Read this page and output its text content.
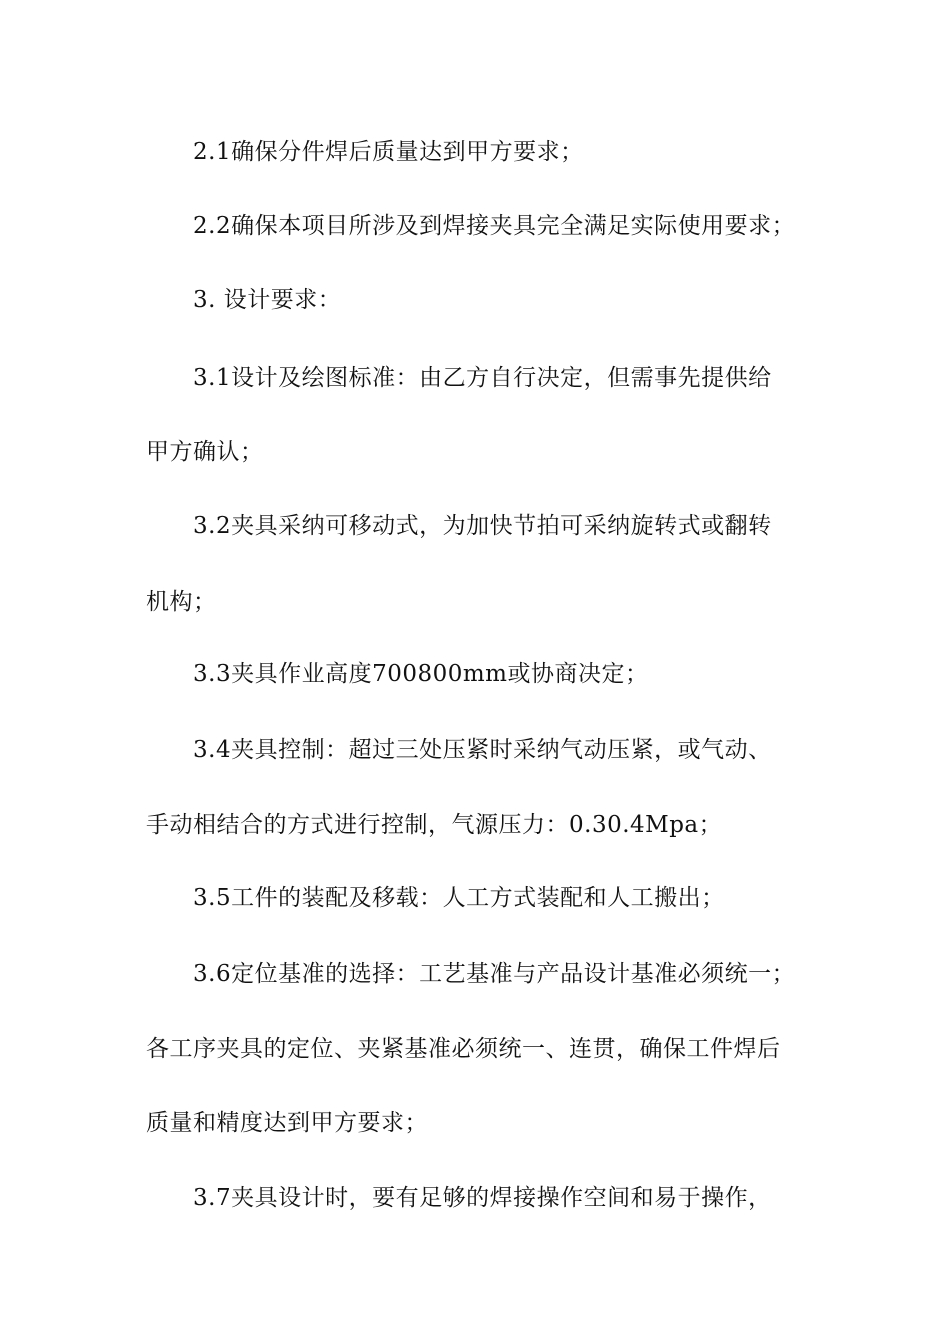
2.1确保分件焊后质量达到甲方要求；

2.2确保本项目所涉及到焊接夹具完全满足实际使用要求；

3. 设计要求：

3.1设计及绘图标准：由乙方自行决定，但需事先提供给

甲方确认；

3.2夹具采纳可移动式，为加快节拍可采纳旋转式或翻转

机构；

3.3夹具作业高度700800mm或协商决定；

3.4夹具控制：超过三处压紧时采纳气动压紧，或气动、

手动相结合的方式进行控制，气源压力：0.30.4Mpa；

3.5工件的装配及移载：人工方式装配和人工搬出；

3.6定位基准的选择：工艺基准与产品设计基准必须统一；

各工序夹具的定位、夹紧基准必须统一、连贯，确保工件焊后

质量和精度达到甲方要求；

3.7夹具设计时，要有足够的焊接操作空间和易于操作，
